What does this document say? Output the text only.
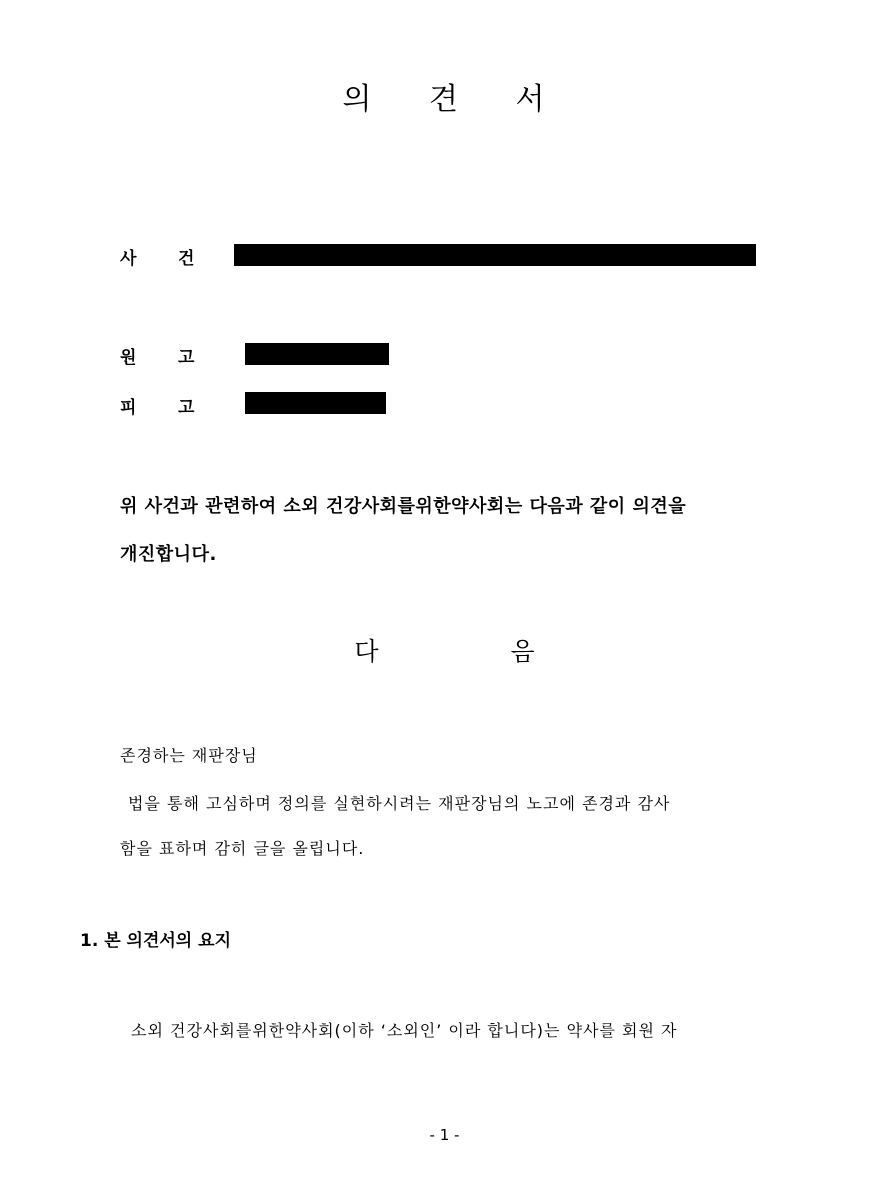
의 견 서
사 건
원 고
피 고
위 사건과 관련하여 소외 건강사회를위한약사회는 다음과 같이 의견을
개진합니다.
다	음
존경하는 재판장님
법을 통해 고심하며 정의를 실현하시려는 재판장님의 노고에 존경과 감사
함을 표하며 감히 글을 올립니다.
1. 본 의견서의 요지
소외 건강사회를위한약사회(이하 ‘소외인’ 이라 합니다)는 약사를 회원 자
- 1 -
